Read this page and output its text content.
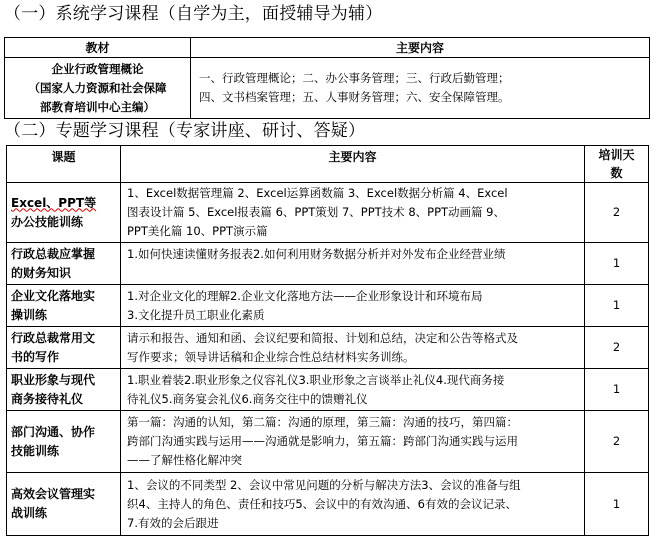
（一）系统学习课程（自学为主，面授辅导为辅）
教材	主要内容

企业行政管理概论
（国家人力资源和社会保障
部教育培训中心主编）	一、行政管理概论；二、办公事务管理；三、行政后勤管理；
四、文书档案管理；五、人事财务管理；六、安全保障管理。
（二）专题学习课程（专家讲座、研讨、答疑）
课题	主要内容	培训天
数

Excel、PPT等
办公技能训练	1、Excel数据管理篇 2、Excel运算函数篇 3、Excel数据分析篇 4、Excel
图表设计篇 5、Excel报表篇 6、PPT策划 7、PPT技术 8、PPT动画篇 9、
PPT美化篇 10、PPT演示篇	2

行政总裁应掌握
的财务知识	1.如何快速读懂财务报表2.如何利用财务数据分析并对外发布企业经营业绩	1

企业文化落地实
操训练	1.对企业文化的理解2.企业文化落地方法——企业形象设计和环境布局
3.文化提升员工职业化素质	1

行政总裁常用文
书的写作	请示和报告、通知和函、会议纪要和简报、计划和总结，决定和公告等格式及
写作要求；领导讲话稿和企业综合性总结材料实务训练。	2

职业形象与现代
商务接待礼仪	1.职业着装2.职业形象之仪容礼仪3.职业形象之言谈举止礼仪4.现代商务接
待礼仪5.商务宴会礼仪6.商务交往中的馈赠礼仪	1

部门沟通、协作
技能训练	第一篇：沟通的认知，第二篇：沟通的原理，第三篇：沟通的技巧，第四篇：
跨部门沟通实践与运用——沟通就是影响力，第五篇：跨部门沟通实践与运用
——了解性格化解冲突	2

高效会议管理实
战训练	1、会议的不同类型 2、会议中常见问题的分析与解决方法3、会议的准备与组
织4、主持人的角色、责任和技巧5、会议中的有效沟通、6有效的会议记录、
7.有效的会后跟进	1
